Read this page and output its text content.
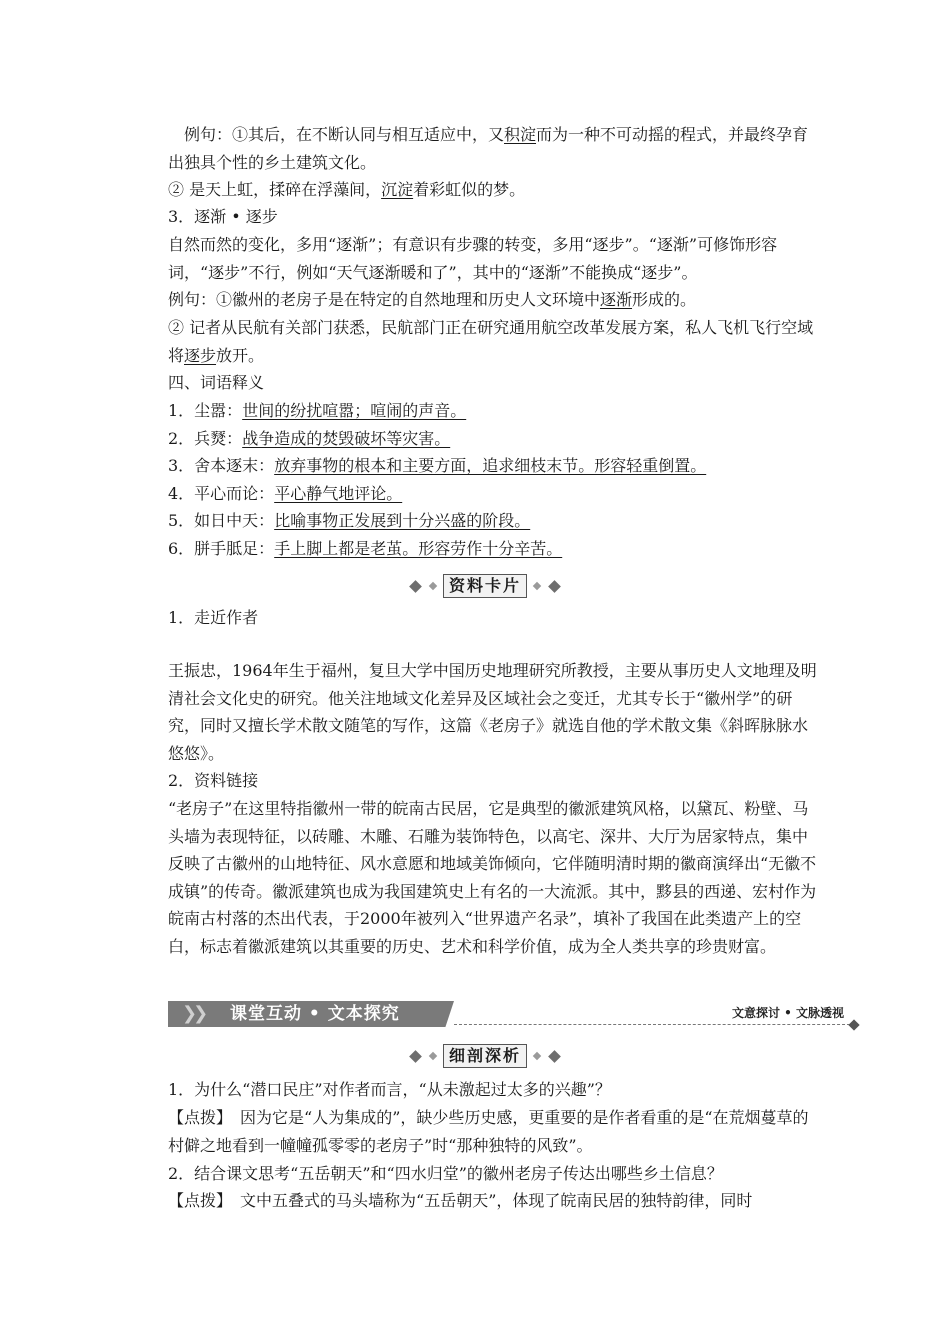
例句：①其后，在不断认同与相互适应中，又积淀而为一种不可动摇的程式，并最终孕育出独具个性的乡土建筑文化。

② 是天上虹，揉碎在浮藻间，沉淀着彩虹似的梦。

3．逐渐 • 逐步

自然而然的变化，多用“逐渐”；有意识有步骤的转变，多用“逐步”。“逐渐”可修饰形容词，“逐步”不行，例如“天气逐渐暖和了”，其中的“逐渐”不能换成“逐步”。

例句：①徽州的老房子是在特定的自然地理和历史人文环境中逐渐形成的。

② 记者从民航有关部门获悉，民航部门正在研究通用航空改革发展方案，私人飞机飞行空域将逐步放开。

四、词语释义

1．尘嚣：世间的纷扰喧嚣；喧闹的声音。

2．兵燹：战争造成的焚毁破坏等灾害。

3．舍本逐末：放弃事物的根本和主要方面，追求细枝末节。形容轻重倒置。

4．平心而论：平心静气地评论。

5．如日中天：比喻事物正发展到十分兴盛的阶段。

6．胼手胝足：手上脚上都是老茧。形容劳作十分辛苦。

资料卡片

1．走近作者

王振忠，1964年生于福州，复旦大学中国历史地理研究所教授，主要从事历史人文地理及明清社会文化史的研究。他关注地域文化差异及区域社会之变迁，尤其专长于“徽州学”的研究，同时又擅长学术散文随笔的写作，这篇《老房子》就选自他的学术散文集《斜晖脉脉水悠悠》。

2．资料链接

“老房子”在这里特指徽州一带的皖南古民居，它是典型的徽派建筑风格，以黛瓦、粉壁、马头墙为表现特征，以砖雕、木雕、石雕为装饰特色，以高宅、深井、大厅为居家特点，集中反映了古徽州的山地特征、风水意愿和地域美饰倾向，它伴随明清时期的徽商演绎出“无徽不成镇”的传奇。徽派建筑也成为我国建筑史上有名的一大流派。其中，黟县的西递、宏村作为皖南古村落的杰出代表，于2000年被列入“世界遗产名录”，填补了我国在此类遗产上的空白，标志着徽派建筑以其重要的历史、艺术和科学价值，成为全人类共享的珍贵财富。

❯❯ 课堂互动 • 文本探究	文意探讨 • 文脉透视
细剖深析

1．为什么“潜口民庄”对作者而言，“从未激起过太多的兴趣”？

【点拨】　因为它是“人为集成的”，缺少些历史感，更重要的是作者看重的是“在荒烟蔓草的村僻之地看到一幢幢孤零零的老房子”时“那种独特的风致”。

2．结合课文思考“五岳朝天”和“四水归堂”的徽州老房子传达出哪些乡土信息？

【点拨】　文中五叠式的马头墙称为“五岳朝天”，体现了皖南民居的独特韵律，同时
